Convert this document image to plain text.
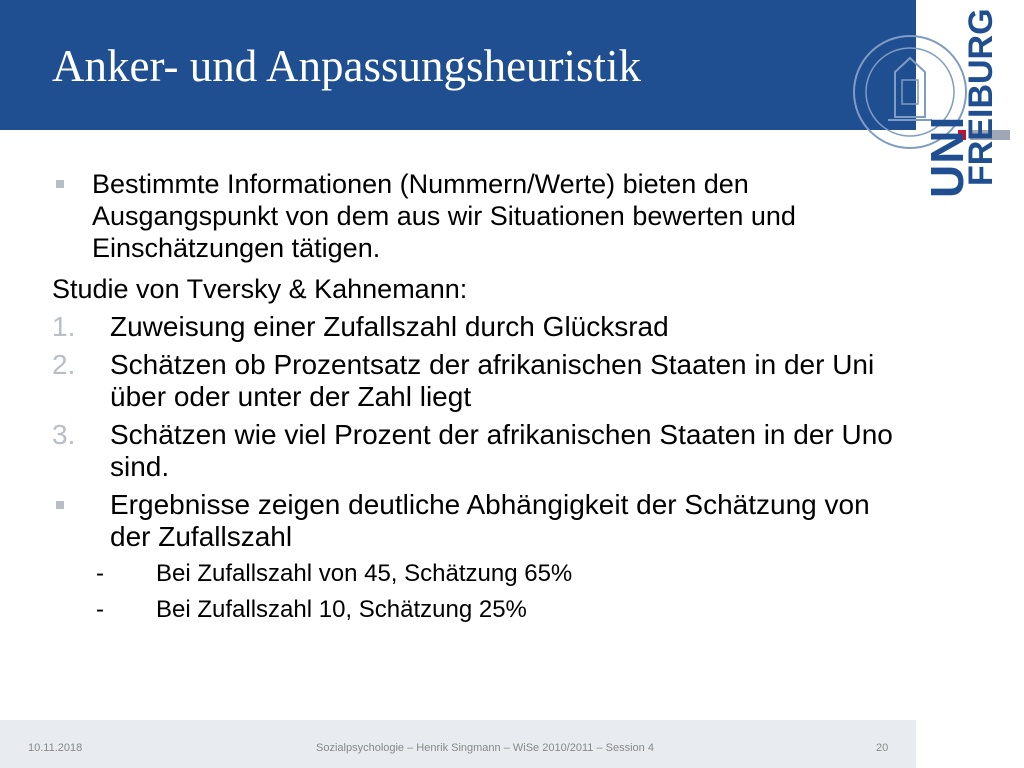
Anker- und Anpassungsheuristik
UNI
FREIBURG
Bestimmte Informationen (Nummern/Werte) bieten den Ausgangspunkt von dem aus wir Situationen bewerten und Einschätzungen tätigen.
Studie von Tversky & Kahnemann:
1. Zuweisung einer Zufallszahl durch Glücksrad
2. Schätzen ob Prozentsatz der afrikanischen Staaten in der Uni über oder unter der Zahl liegt
3. Schätzen wie viel Prozent der afrikanischen Staaten in der Uno sind.
Ergebnisse zeigen deutliche Abhängigkeit der Schätzung von der Zufallszahl
- Bei Zufallszahl von 45, Schätzung 65%
- Bei Zufallszahl 10, Schätzung 25%
10.11.2018	Sozialpsychologie – Henrik Singmann – WiSe 2010/2011 – Session 4	20
